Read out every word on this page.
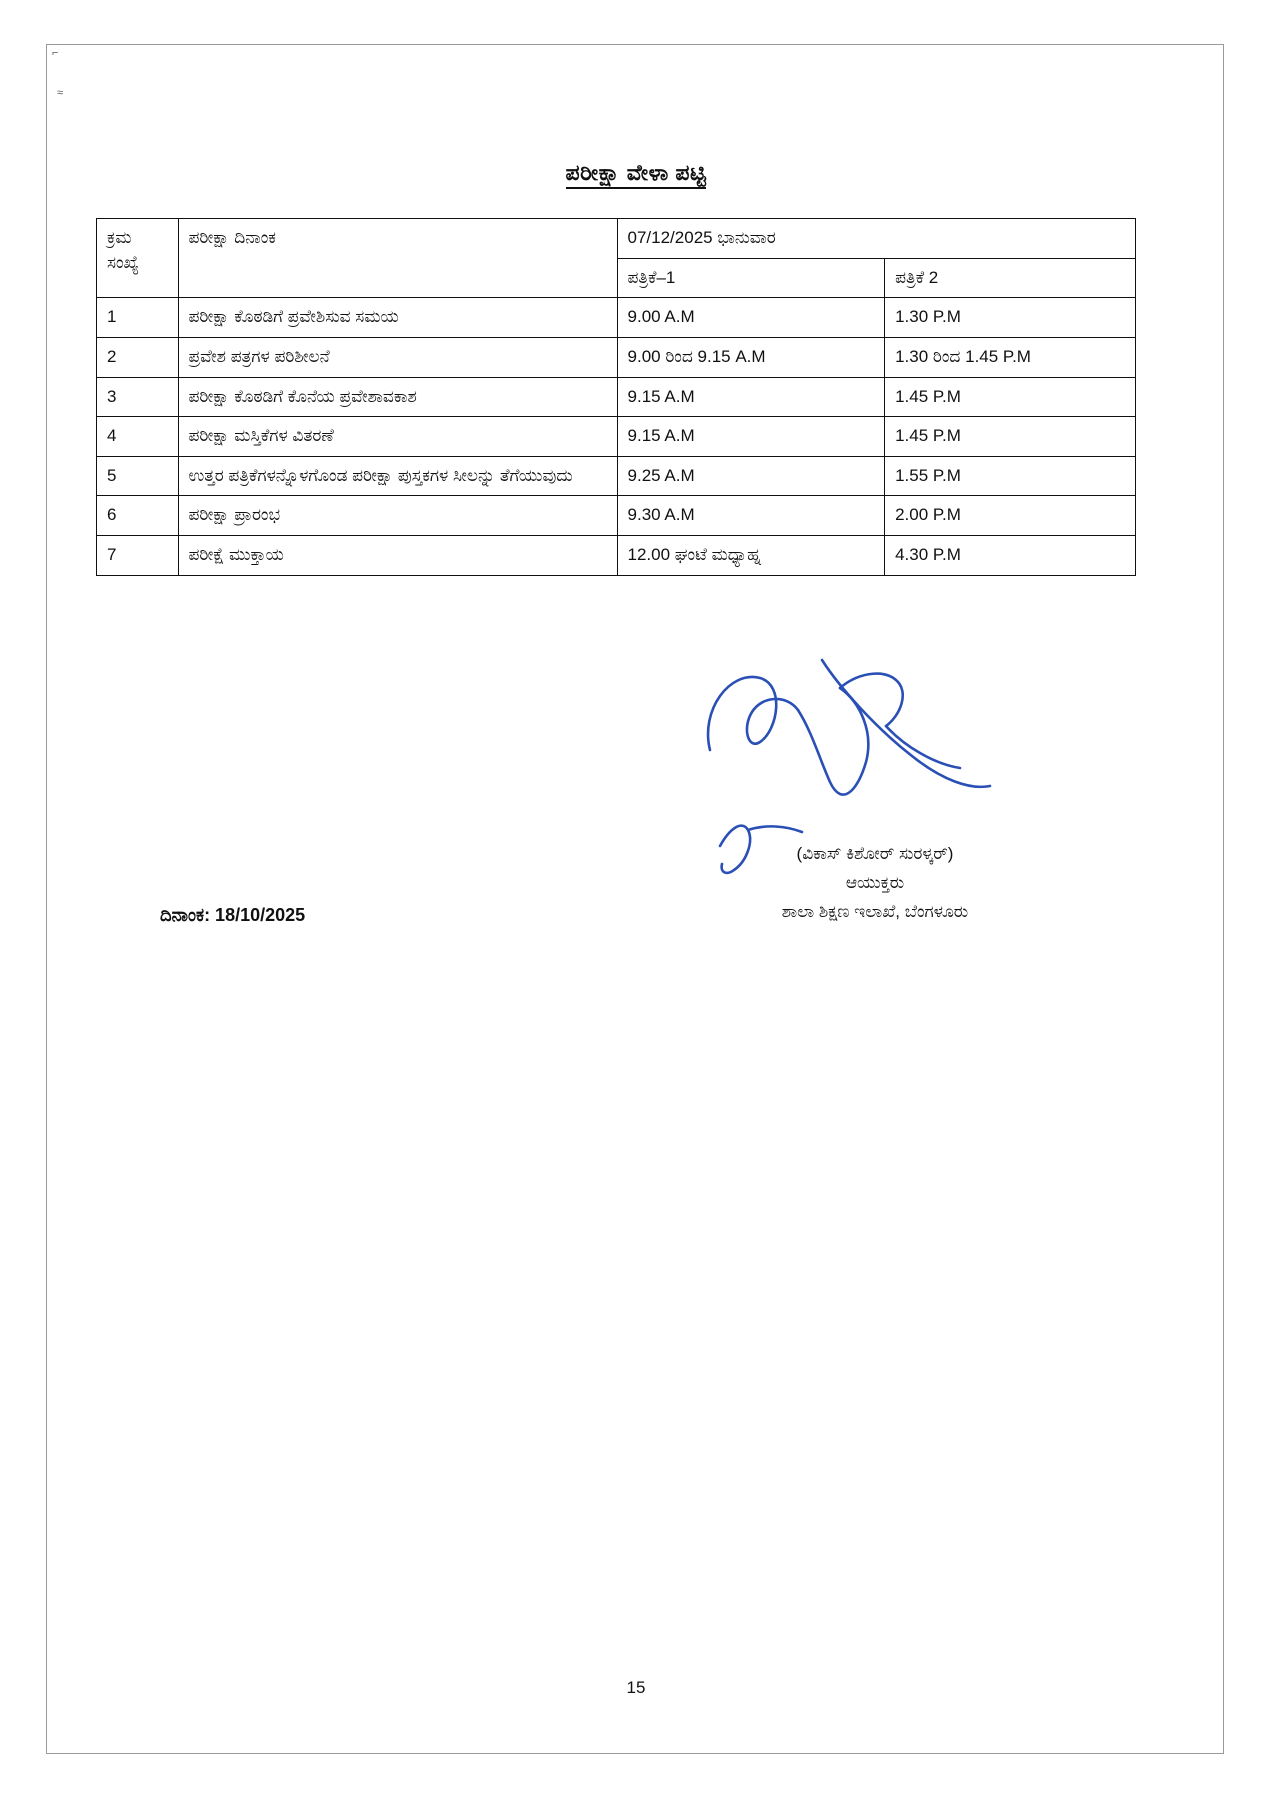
⌐
≈
ಪರೀಕ್ಷಾ ವೇಳಾ ಪಟ್ಟಿ
ಕ್ರಮ
ಸಂಖ್ಯೆ	ಪರೀಕ್ಷಾ ದಿನಾಂಕ	07/12/2025 ಭಾನುವಾರ	
		ಪತ್ರಿಕೆ–1	ಪತ್ರಿಕೆ 2
1	ಪರೀಕ್ಷಾ ಕೊಠಡಿಗೆ ಪ್ರವೇಶಿಸುವ ಸಮಯ	9.00 A.M	1.30 P.M
2	ಪ್ರವೇಶ ಪತ್ರಗಳ ಪರಿಶೀಲನೆ	9.00 ರಿಂದ 9.15 A.M	1.30 ರಿಂದ 1.45 P.M
3	ಪರೀಕ್ಷಾ ಕೊಠಡಿಗೆ ಕೊನೆಯ ಪ್ರವೇಶಾವಕಾಶ	9.15 A.M	1.45 P.M
4	ಪರೀಕ್ಷಾ ಮಸ್ತಿಕೆಗಳ ವಿತರಣೆ	9.15 A.M	1.45 P.M
5	ಉತ್ತರ ಪತ್ರಿಕೆಗಳನ್ನೊಳಗೊಂಡ ಪರೀಕ್ಷಾ ಪುಸ್ತಕಗಳ ಸೀಲನ್ನು ತೆಗೆಯುವುದು	9.25 A.M	1.55 P.M
6	ಪರೀಕ್ಷಾ ಪ್ರಾರಂಭ	9.30 A.M	2.00 P.M
7	ಪರೀಕ್ಷೆ ಮುಕ್ತಾಯ	12.00 ಘಂಟೆ ಮಧ್ಯಾಹ್ನ	4.30 P.M
(ವಿಕಾಸ್ ಕಿಶೋರ್ ಸುರಳ್ಕರ್)
ಆಯುಕ್ತರು
ಶಾಲಾ ಶಿಕ್ಷಣ ಇಲಾಖೆ, ಬೆಂಗಳೂರು
ದಿನಾಂಕ: 18/10/2025
15
